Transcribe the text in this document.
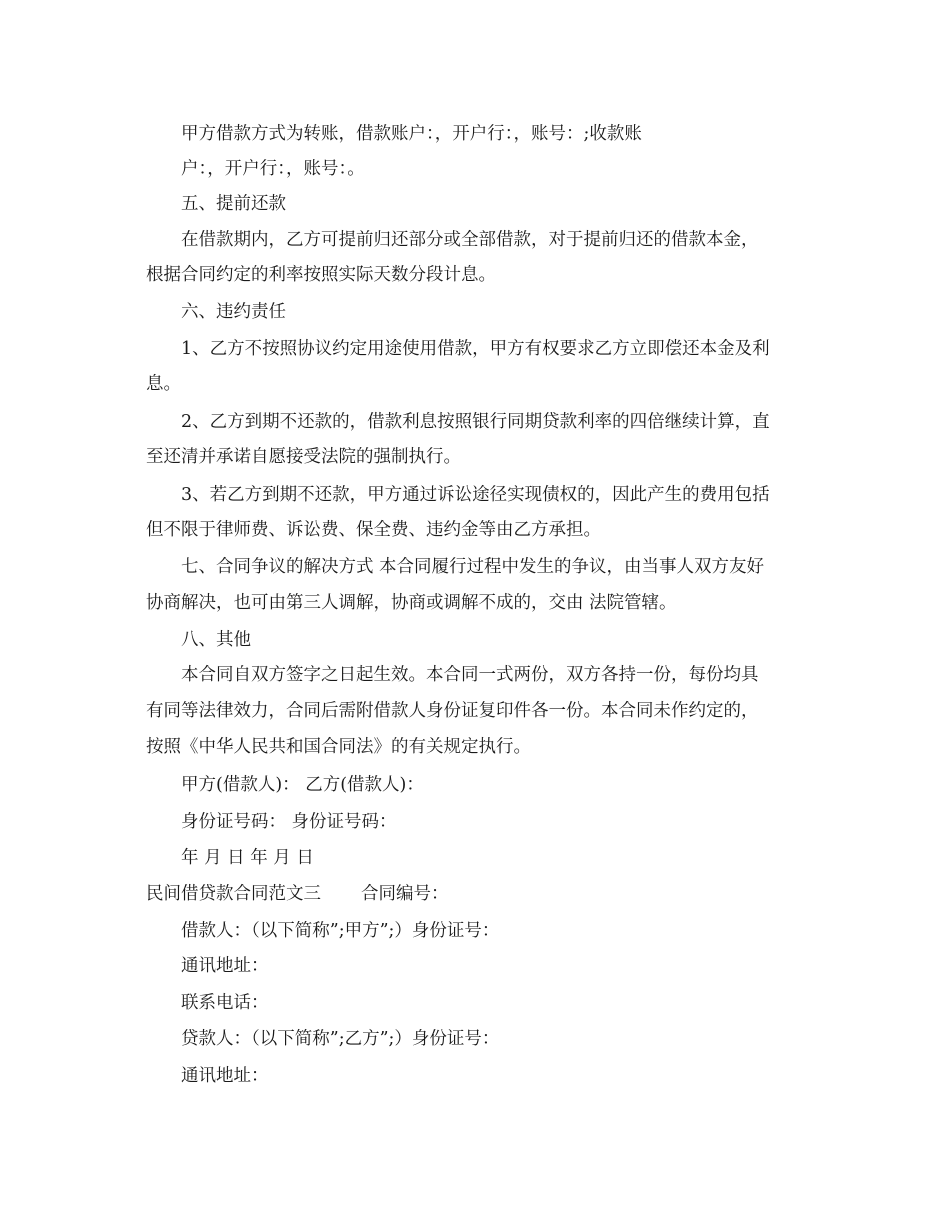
甲方借款方式为转账，借款账户：，开户行：，账号：;收款账
户：，开户行：，账号：。
五、提前还款
在借款期内，乙方可提前归还部分或全部借款，对于提前归还的借款本金，
根据合同约定的利率按照实际天数分段计息。
六、违约责任
1、乙方不按照协议约定用途使用借款，甲方有权要求乙方立即偿还本金及利
息。
2、乙方到期不还款的，借款利息按照银行同期贷款利率的四倍继续计算，直
至还清并承诺自愿接受法院的强制执行。
3、若乙方到期不还款，甲方通过诉讼途径实现债权的，因此产生的费用包括
但不限于律师费、诉讼费、保全费、违约金等由乙方承担。
七、合同争议的解决方式 本合同履行过程中发生的争议，由当事人双方友好
协商解决，也可由第三人调解，协商或调解不成的，交由 法院管辖。
八、其他
本合同自双方签字之日起生效。本合同一式两份，双方各持一份，每份均具
有同等法律效力，合同后需附借款人身份证复印件各一份。本合同未作约定的，
按照《中华人民共和国合同法》的有关规定执行。
甲方(借款人)： 乙方(借款人)：
身份证号码： 身份证号码：
年 月 日 年 月 日
民间借贷款合同范文三 合同编号：
借款人：（以下简称”;甲方”;）身份证号：
通讯地址：
联系电话：
贷款人：（以下简称”;乙方”;）身份证号：
通讯地址：
